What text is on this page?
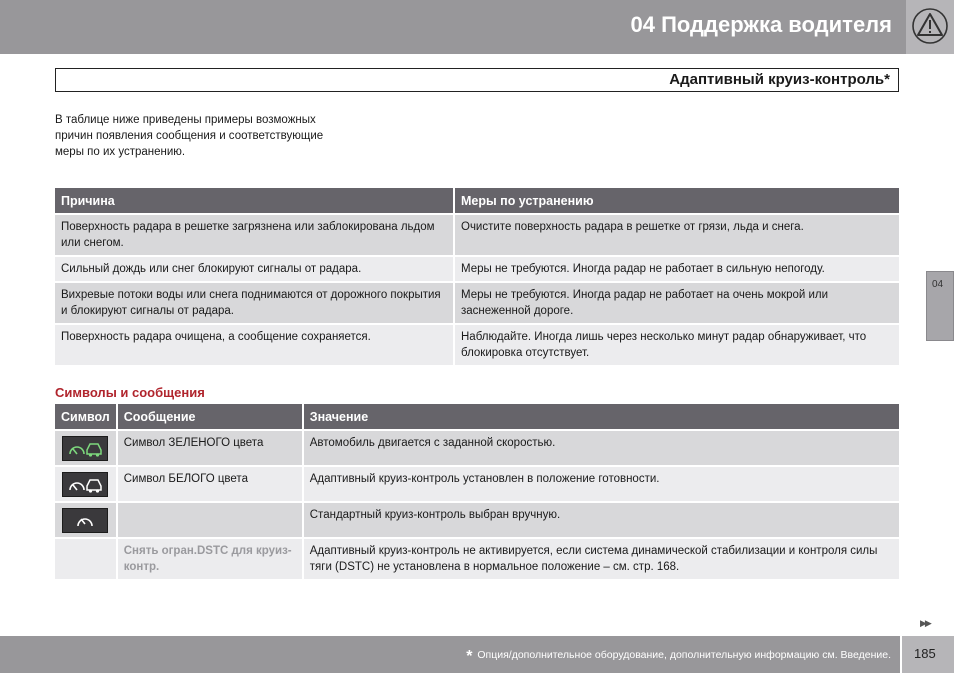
04 Поддержка водителя
Адаптивный круиз-контроль*

В таблице ниже приведены примеры возможных причин появления сообщения и соответствующие меры по их устранению.

Причина	Меры по устранению
Поверхность радара в решетке загрязнена или заблокирована льдом или снегом.	Очистите поверхность радара в решетке от грязи, льда и снега.
Сильный дождь или снег блокируют сигналы от радара.	Меры не требуются. Иногда радар не работает в сильную непогоду.
Вихревые потоки воды или снега поднимаются от дорожного покрытия и блокируют сигналы от радара.	Меры не требуются. Иногда радар не работает на очень мокрой или заснеженной дороге.
Поверхность радара очищена, а сообщение сохраняется.	Наблюдайте. Иногда лишь через несколько минут радар обнаруживает, что блокировка отсутствует.
Символы и сообщения
Символ	Сообщение	Значение
	Символ ЗЕЛЕНОГО цвета	Автомобиль двигается с заданной скоростью.
	Символ БЕЛОГО цвета	Адаптивный круиз-контроль установлен в положение готовности.
		Стандартный круиз-контроль выбран вручную.
	Снять огран.DSTC для круиз-контр.	Адаптивный круиз-контроль не активируется, если система динамической стабилизации и контроля силы тяги (DSTC) не установлена в нормальное положение – см. стр. 168.
04
▶▶
* Опция/дополнительное оборудование, дополнительную информацию см. Введение. 185
